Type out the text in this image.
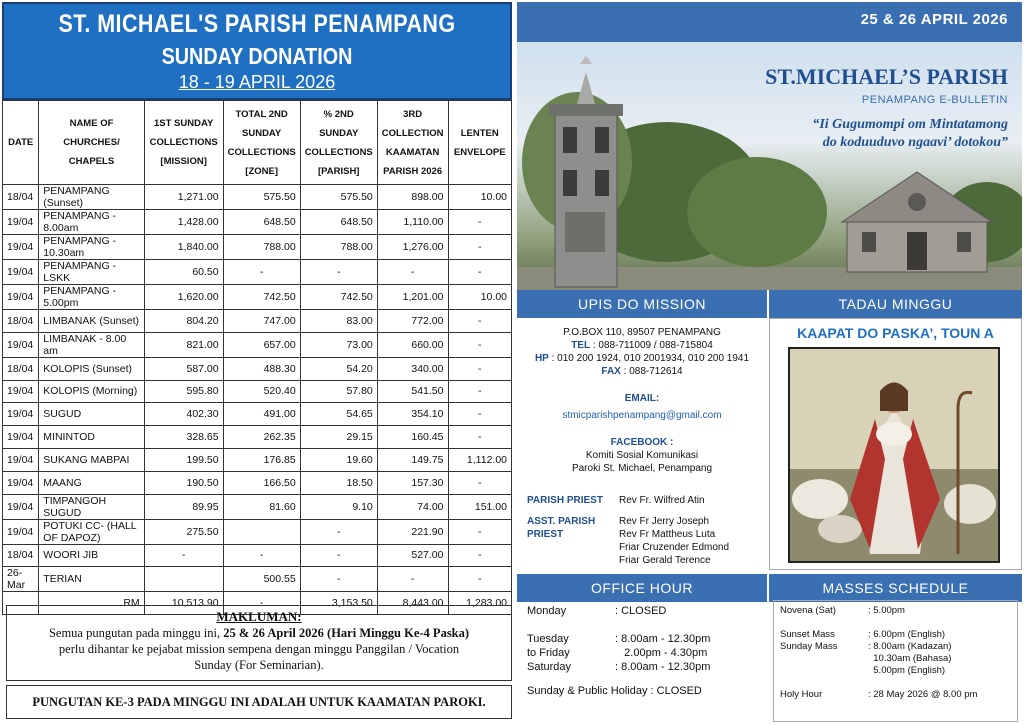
ST. MICHAEL'S PARISH PENAMPANG
SUNDAY DONATION
18 - 19 APRIL 2026
DATE	NAME OF CHURCHES/ CHAPELS	1ST SUNDAY COLLECTIONS [MISSION]	TOTAL 2ND SUNDAY COLLECTIONS [ZONE]	% 2ND SUNDAY COLLECTIONS [PARISH]	3RD COLLECTION KAAMATAN PARISH 2026	LENTEN ENVELOPE
18/04	PENAMPANG (Sunset)	1,271.00	575.50	575.50	898.00	10.00
19/04	PENAMPANG - 8.00am	1,428.00	648.50	648.50	1,110.00	-
19/04	PENAMPANG - 10.30am	1,840.00	788.00	788.00	1,276.00	-
19/04	PENAMPANG - LSKK	60.50	-	-	-	-
19/04	PENAMPANG - 5.00pm	1,620.00	742.50	742.50	1,201.00	10.00
18/04	LIMBANAK (Sunset)	804.20	747.00	83.00	772.00	-
19/04	LIMBANAK - 8.00 am	821.00	657.00	73.00	660.00	-
18/04	KOLOPIS (Sunset)	587.00	488.30	54.20	340.00	-
19/04	KOLOPIS (Morning)	595.80	520.40	57.80	541.50	-
19/04	SUGUD	402.30	491.00	54.65	354.10	-
19/04	MININTOD	328.65	262.35	29.15	160.45	-
19/04	SUKANG MABPAI	199.50	176.85	19.60	149.75	1,112.00
19/04	MAANG	190.50	166.50	18.50	157.30	-
19/04	TIMPANGOH SUGUD	89.95	81.60	9.10	74.00	151.00
19/04	POTUKI CC- (HALL OF DAPOZ)	275.50		-	221.90	-
18/04	WOORI JIB	-	-	-	527.00	-
26-Mar	TERIAN		500.55	-	-	-
	RM	10,513.90	-	3,153.50	8,443.00	1,283.00
MAKLUMAN:
Semua pungutan pada minggu ini, 25 & 26 April 2026 (Hari Minggu Ke-4 Paska)
perlu dihantar ke pejabat mission sempena dengan minggu Panggilan / Vocation
Sunday (For Seminarian).
PUNGUTAN KE-3 PADA MINGGU INI ADALAH UNTUK KAAMATAN PAROKI.
25 & 26 APRIL 2026
ST.MICHAEL’S PARISH
PENAMPANG E-BULLETIN
“Ii Gugumompi om Mintatamong
do koduuduvo ngaavi’ dotokou”
UPIS DO MISSION	TADAU MINGGU
P.O.BOX 110, 89507 PENAMPANG
TEL : 088-711009 / 088-715804
HP : 010 200 1924, 010 2001934, 010 200 1941
FAX : 088-712614
EMAIL:
stmicparishpenampang@gmail.com
FACEBOOK :
Komiti Sosial Komunikasi
Paroki St. Michael, Penampang
PARISH PRIEST	Rev Fr. Wilfred Atin
ASST. PARISH PRIEST
Rev Fr Jerry Joseph
Rev Fr Mattheus Luta
Friar Cruzender Edmond
Friar Gerald Terence
KAAPAT DO PASKA’, TOUN A
OFFICE HOUR	MASSES SCHEDULE
Monday	: CLOSED
Tuesday	: 8.00am - 12.30pm
to Friday	2.00pm - 4.30pm
Saturday	: 8.00am - 12.30pm
Sunday & Public Holiday : CLOSED
Novena (Sat)	: 5.00pm
Sunset Mass	: 6.00pm (English)
Sunday Mass	: 8.00am (Kadazan)
10.30am (Bahasa)
5.00pm (English)
Holy Hour	: 28 May 2026 @ 8.00 pm
